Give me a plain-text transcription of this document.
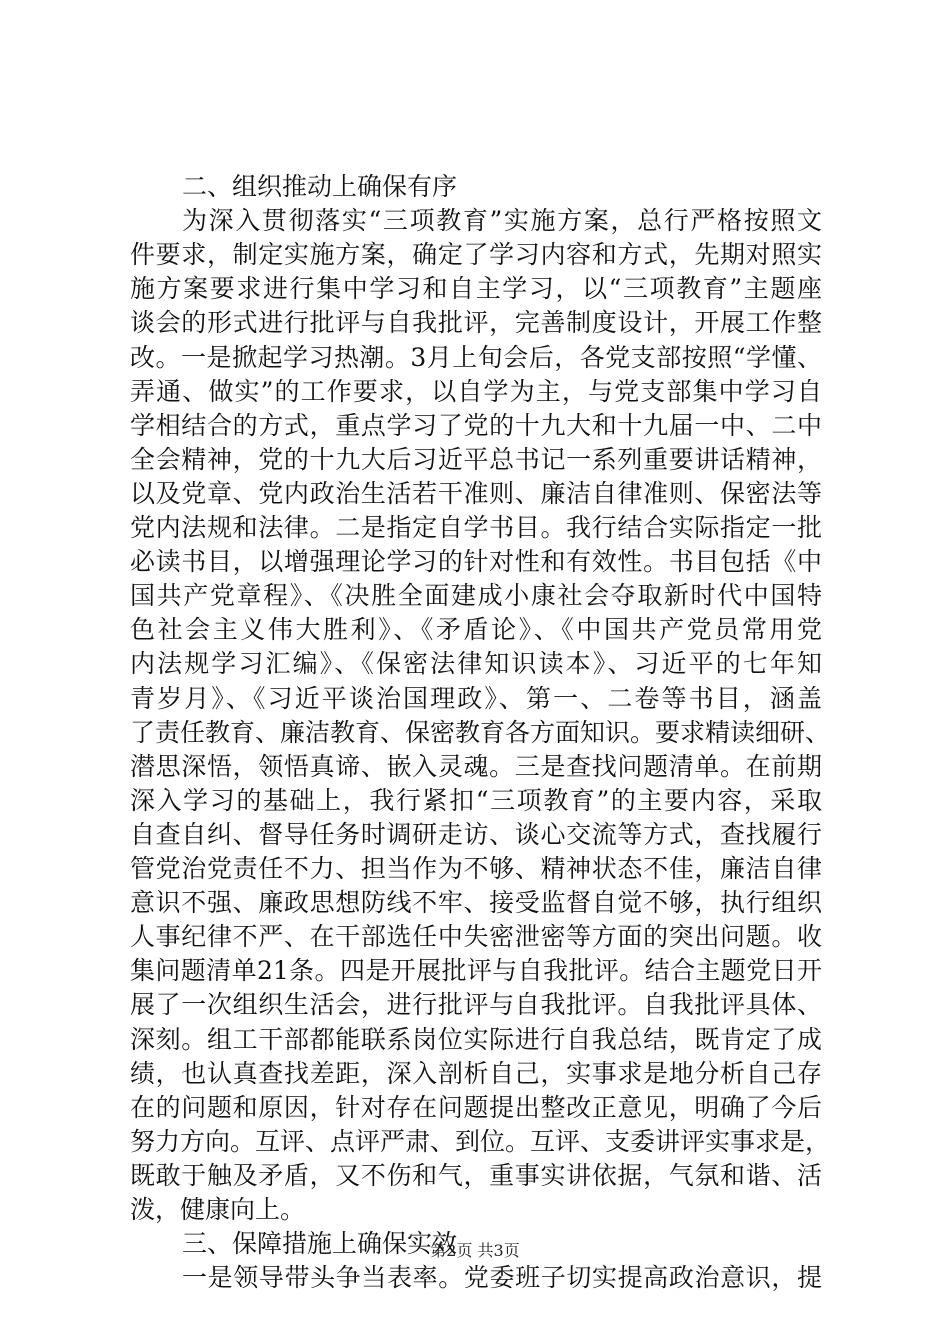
二、组织推动上确保有序
为深入贯彻落实“三项教育”实施方案，总行严格按照文
件要求，制定实施方案，确定了学习内容和方式，先期对照实
施方案要求进行集中学习和自主学习，以“三项教育”主题座
谈会的形式进行批评与自我批评，完善制度设计，开展工作整
改。一是掀起学习热潮。3月上旬会后，各党支部按照“学懂、
弄通、做实”的工作要求，以自学为主，与党支部集中学习自
学相结合的方式，重点学习了党的十九大和十九届一中、二中
全会精神，党的十九大后习近平总书记一系列重要讲话精神，
以及党章、党内政治生活若干准则、廉洁自律准则、保密法等
党内法规和法律。二是指定自学书目。我行结合实际指定一批
必读书目，以增强理论学习的针对性和有效性。书目包括《中
国共产党章程》、《决胜全面建成小康社会夺取新时代中国特
色社会主义伟大胜利》、《矛盾论》、《中国共产党员常用党
内法规学习汇编》、《保密法律知识读本》、习近平的七年知
青岁月》、《习近平谈治国理政》、第一、二卷等书目，涵盖
了责任教育、廉洁教育、保密教育各方面知识。要求精读细研、
潜思深悟，领悟真谛、嵌入灵魂。三是查找问题清单。在前期
深入学习的基础上，我行紧扣“三项教育”的主要内容，采取
自查自纠、督导任务时调研走访、谈心交流等方式，查找履行
管党治党责任不力、担当作为不够、精神状态不佳，廉洁自律
意识不强、廉政思想防线不牢、接受监督自觉不够，执行组织
人事纪律不严、在干部选任中失密泄密等方面的突出问题。收
集问题清单21条。四是开展批评与自我批评。结合主题党日开
展了一次组织生活会，进行批评与自我批评。自我批评具体、
深刻。组工干部都能联系岗位实际进行自我总结，既肯定了成
绩，也认真查找差距，深入剖析自己，实事求是地分析自己存
在的问题和原因，针对存在问题提出整改正意见，明确了今后
努力方向。互评、点评严肃、到位。互评、支委讲评实事求是，
既敢于触及矛盾，又不伤和气，重事实讲依据，气氛和谐、活
泼，健康向上。
三、保障措施上确保实效
一是领导带头争当表率。党委班子切实提高政治意识，提
第2页 共3页
